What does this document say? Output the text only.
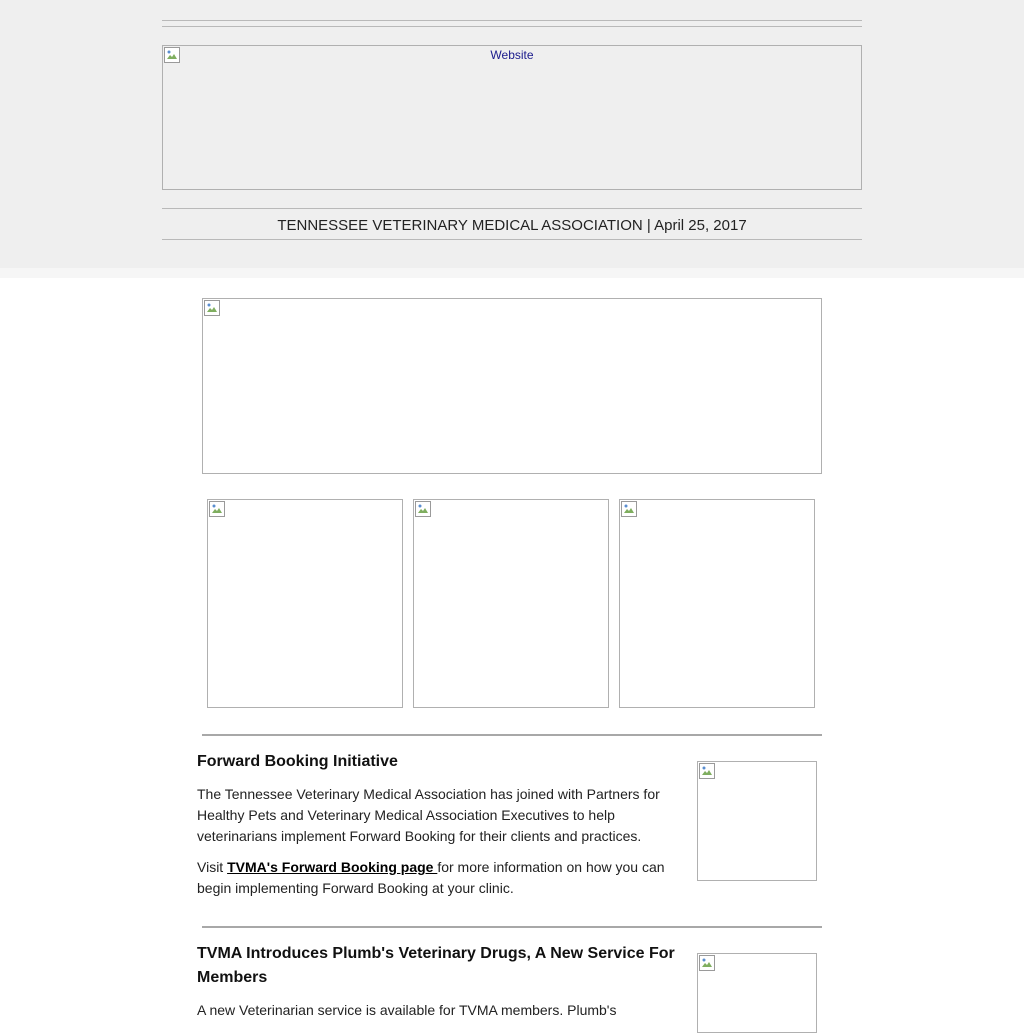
Website
TENNESSEE VETERINARY MEDICAL ASSOCIATION | April 25, 2017
Forward Booking Initiative

The Tennessee Veterinary Medical Association has joined with Partners for Healthy Pets and Veterinary Medical Association Executives to help veterinarians implement Forward Booking for their clients and practices.

Visit TVMA's Forward Booking page for more information on how you can begin implementing Forward Booking at your clinic.

TVMA Introduces Plumb's Veterinary Drugs, A New Service For Members

A new Veterinarian service is available for TVMA members. Plumb's
